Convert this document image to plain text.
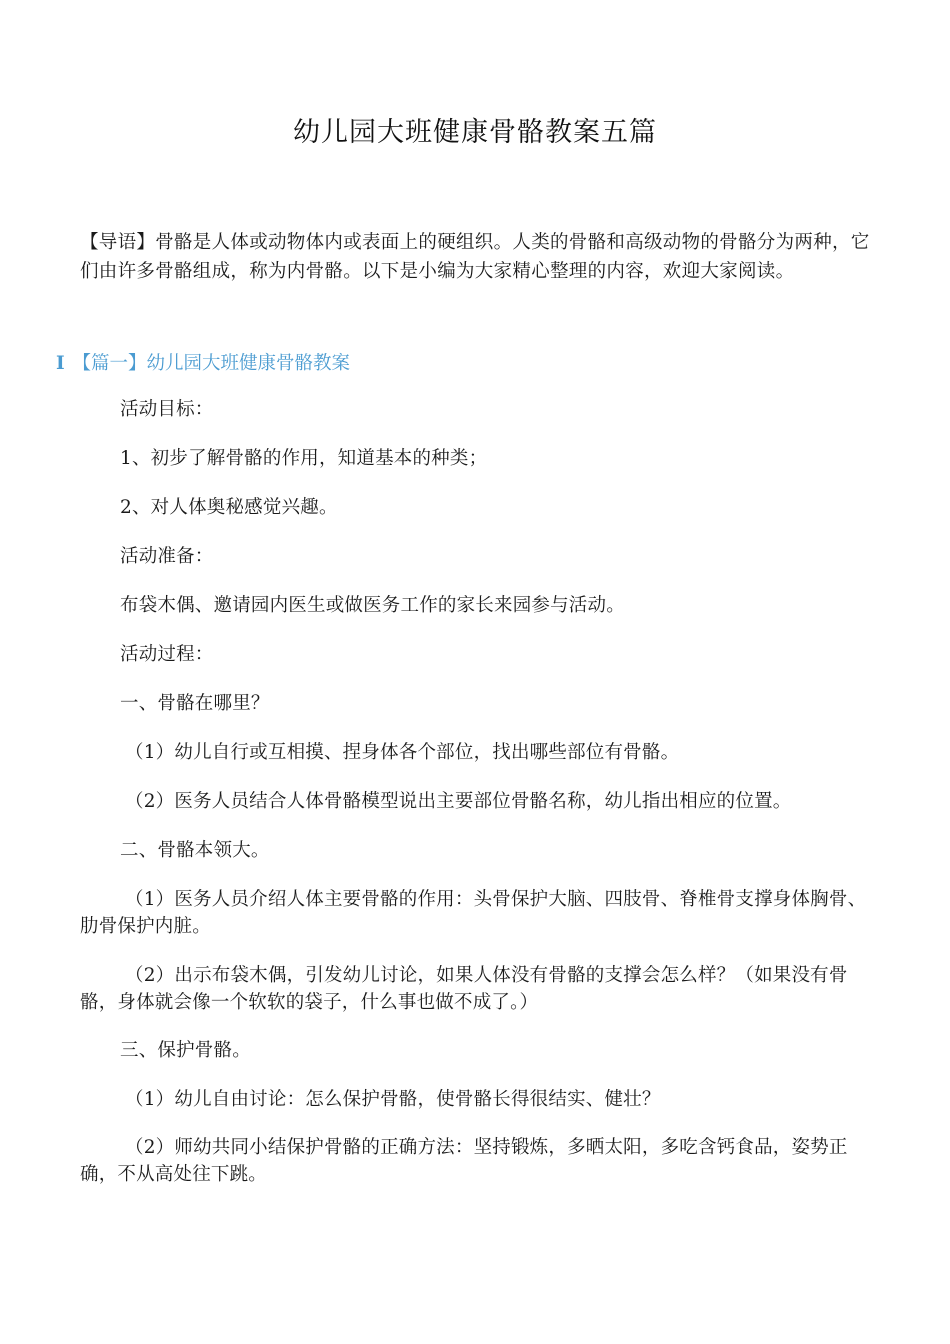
幼儿园大班健康骨骼教案五篇
【导语】骨骼是人体或动物体内或表面上的硬组织。人类的骨骼和高级动物的骨骼分为两种，它们由许多骨骼组成，称为内骨骼。以下是小编为大家精心整理的内容，欢迎大家阅读。
I 【篇一】幼儿园大班健康骨骼教案
活动目标：
1、初步了解骨骼的作用，知道基本的种类；
2、对人体奥秘感觉兴趣。
活动准备：
布袋木偶、邀请园内医生或做医务工作的家长来园参与活动。
活动过程：
一、骨骼在哪里？
（1）幼儿自行或互相摸、捏身体各个部位，找出哪些部位有骨骼。
（2）医务人员结合人体骨骼模型说出主要部位骨骼名称，幼儿指出相应的位置。
二、骨骼本领大。
（1）医务人员介绍人体主要骨骼的作用：头骨保护大脑、四肢骨、脊椎骨支撑身体胸骨、肋骨保护内脏。
（2）出示布袋木偶，引发幼儿讨论，如果人体没有骨骼的支撑会怎么样？（如果没有骨骼，身体就会像一个软软的袋子，什么事也做不成了。）
三、保护骨骼。
（1）幼儿自由讨论：怎么保护骨骼，使骨骼长得很结实、健壮？
（2）师幼共同小结保护骨骼的正确方法：坚持锻炼，多晒太阳，多吃含钙食品，姿势正确，不从高处往下跳。
